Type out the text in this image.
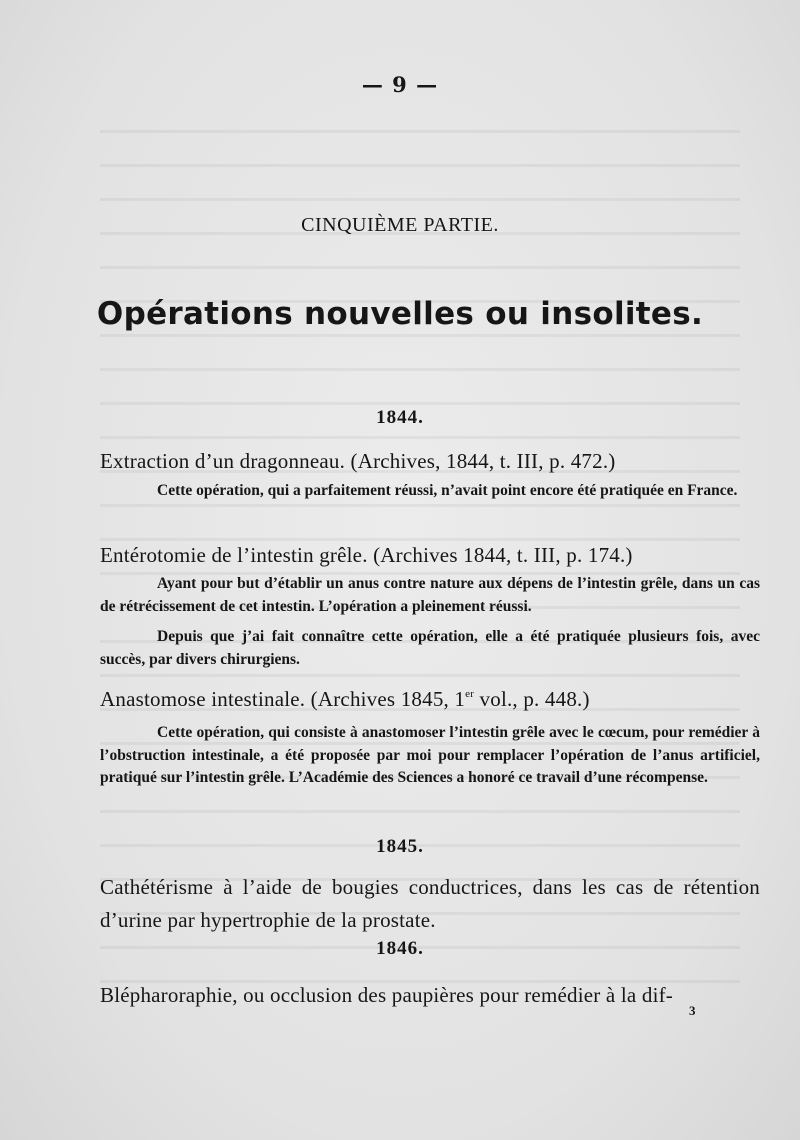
— 9 —
CINQUIÈME PARTIE.
Opérations nouvelles ou insolites.
1844.
Extraction d’un dragonneau. (Archives, 1844, t. III, p. 472.)
Cette opération, qui a parfaitement réussi, n’avait point encore été pratiquée en France.
Entérotomie de l’intestin grêle. (Archives 1844, t. III, p. 174.)
Ayant pour but d’établir un anus contre nature aux dépens de l’intestin grêle, dans un cas de rétrécissement de cet intestin. L’opération a pleinement réussi.
Depuis que j’ai fait connaître cette opération, elle a été pratiquée plusieurs fois, avec succès, par divers chirurgiens.
Anastomose intestinale. (Archives 1845, 1er vol., p. 448.)
Cette opération, qui consiste à anastomoser l’intestin grêle avec le cœcum, pour remédier à l’obstruction intestinale, a été proposée par moi pour remplacer l’opération de l’anus artificiel, pratiqué sur l’intestin grêle. L’Académie des Sciences a honoré ce travail d’une récompense.
1845.
Cathétérisme à l’aide de bougies conductrices, dans les cas de rétention d’urine par hypertrophie de la prostate.
1846.
Blépharoraphie, ou occlusion des paupières pour remédier à la dif-
3
